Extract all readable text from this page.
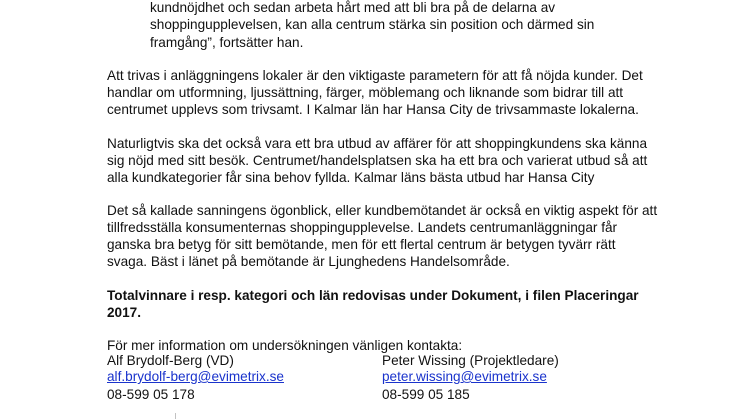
kundnöjdhet och sedan arbeta hårt med att bli bra på de delarna av
shoppingupplevelsen, kan alla centrum stärka sin position och därmed sin
framgång”, fortsätter han.
Att trivas i anläggningens lokaler är den viktigaste parametern för att få nöjda kunder. Det
handlar om utformning, ljussättning, färger, möblemang och liknande som bidrar till att
centrumet upplevs som trivsamt. I Kalmar län har Hansa City de trivsammaste lokalerna.
Naturligtvis ska det också vara ett bra utbud av affärer för att shoppingkundens ska känna
sig nöjd med sitt besök. Centrumet/handelsplatsen ska ha ett bra och varierat utbud så att
alla kundkategorier får sina behov fyllda. Kalmar läns bästa utbud har Hansa City
Det så kallade sanningens ögonblick, eller kundbemötandet är också en viktig aspekt för att
tillfredsställa konsumenternas shoppingupplevelse. Landets centrumanläggningar får
ganska bra betyg för sitt bemötande, men för ett flertal centrum är betygen tyvärr rätt
svaga. Bäst i länet på bemötande är Ljunghedens Handelsområde.
Totalvinnare i resp. kategori och län redovisas under Dokument, i filen Placeringar
2017.
För mer information om undersökningen vänligen kontakta:
Alf Brydolf-Berg (VD)	Peter Wissing (Projektledare)
alf.brydolf-berg@evimetrix.se	peter.wissing@evimetrix.se
08-599 05 178	08-599 05 185
